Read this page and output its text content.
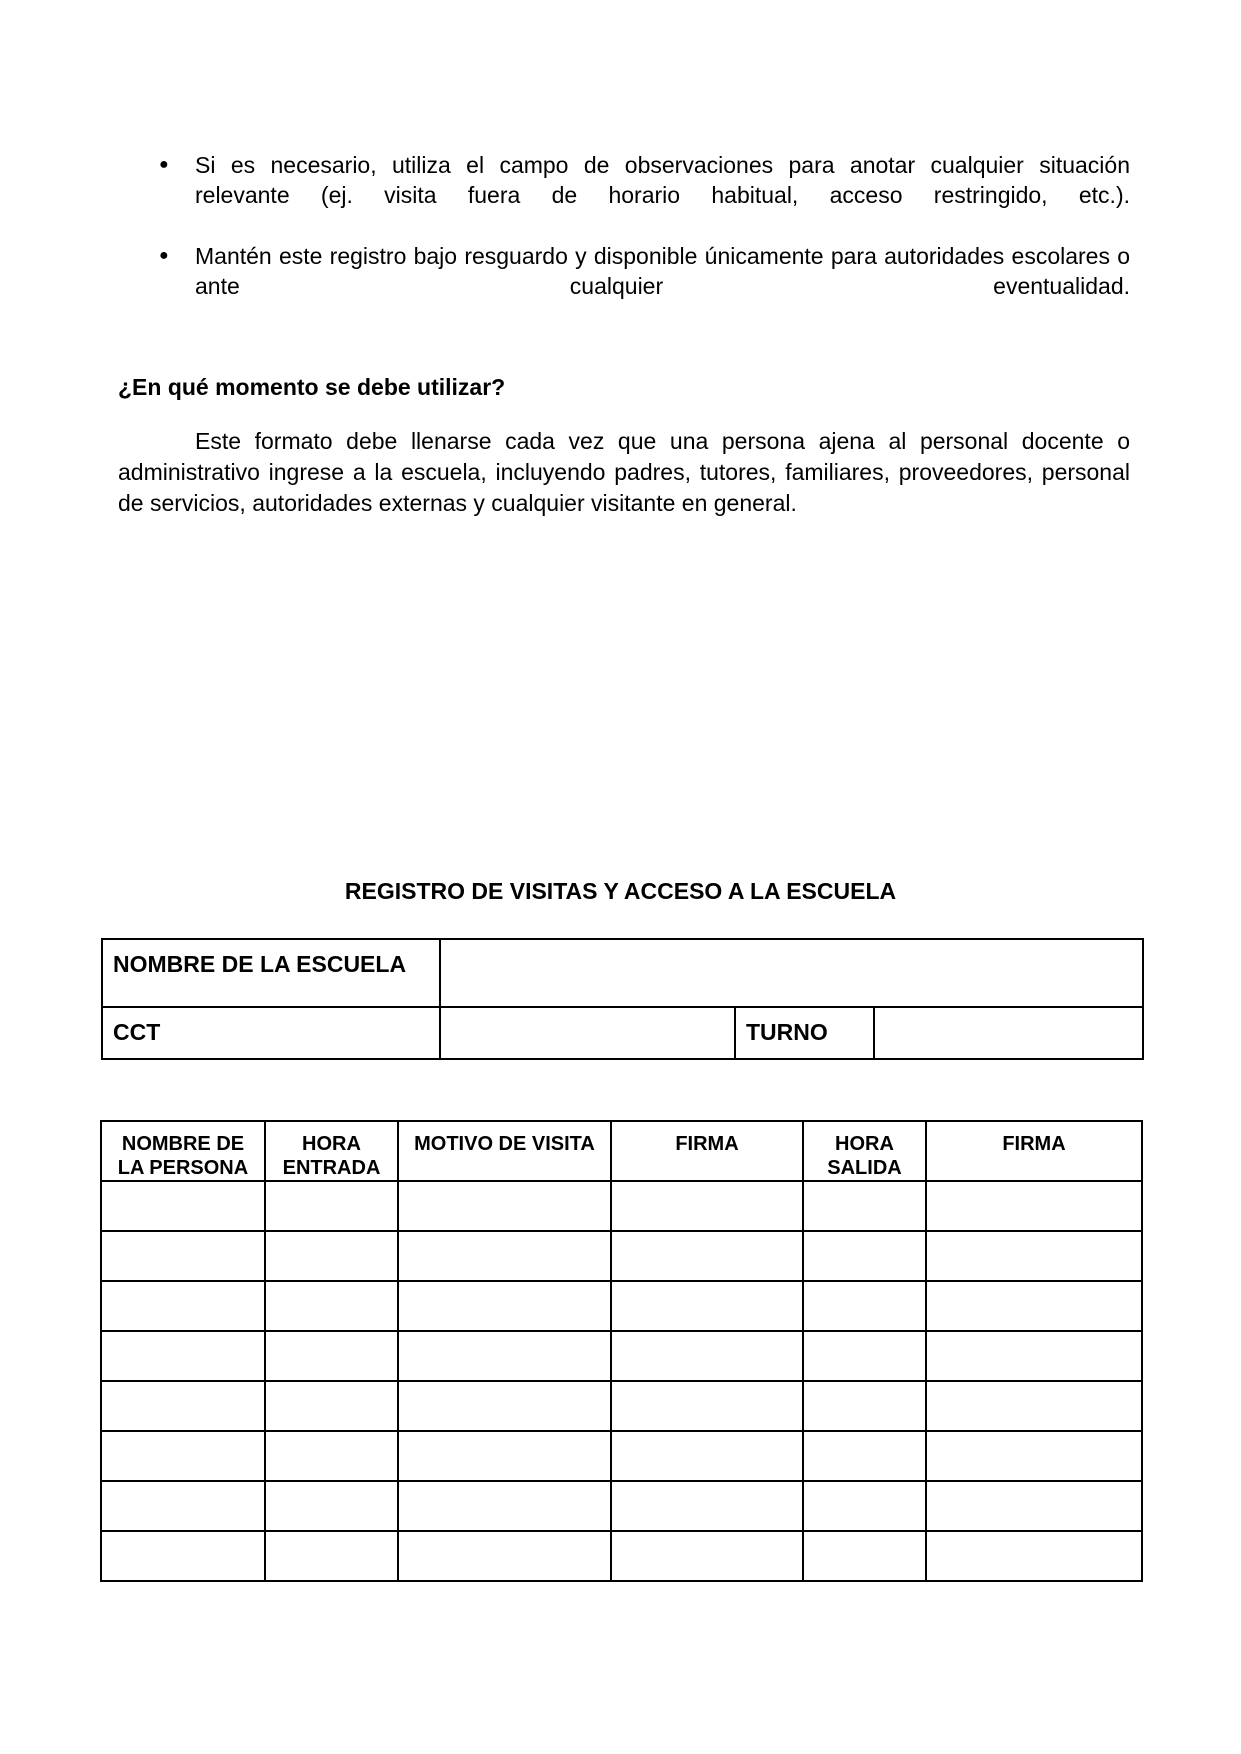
● Si es necesario, utiliza el campo de observaciones para anotar cualquier situación relevante (ej. visita fuera de horario habitual, acceso restringido, etc.).
● Mantén este registro bajo resguardo y disponible únicamente para autoridades escolares o ante cualquier eventualidad.
¿En qué momento se debe utilizar?

Este formato debe llenarse cada vez que una persona ajena al personal docente o administrativo ingrese a la escuela, incluyendo padres, tutores, familiares, proveedores, personal de servicios, autoridades externas y cualquier visitante en general.

REGISTRO DE VISITAS Y ACCESO A LA ESCUELA
NOMBRE DE LA ESCUELA			
CCT		TURNO	
NOMBRE DE LA PERSONA	HORA ENTRADA	MOTIVO DE VISITA	FIRMA	HORA SALIDA	FIRMA
